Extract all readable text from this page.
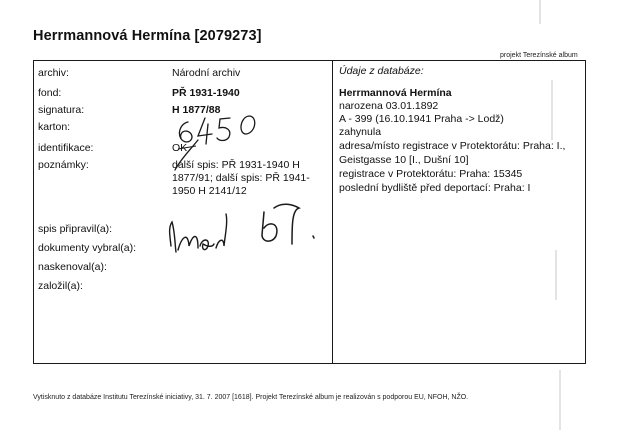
Herrmannová Hermína [2079273]
projekt Terezínské album
archiv:
fond:
signatura:
karton:
identifikace:
poznámky:
spis připravil(a):
dokumenty vybral(a):
naskenoval(a):
založil(a):
Národní archiv
PŘ 1931-1940
H 1877/88
OK
další spis: PŘ 1931-1940 H 1877/91; další spis: PŘ 1941-1950 H 2141/12
Údaje z databáze:
Herrmannová Hermína
narozena 03.01.1892
A - 399 (16.10.1941 Praha -> Lodž)
zahynula
adresa/místo registrace v Protektorátu: Praha: I.,
Geistgasse 10 [I., Dušní 10]
registrace v Protektorátu: Praha: 15345
poslední bydliště před deportací: Praha: I
Vytisknuto z databáze Institutu Terezínské iniciativy, 31. 7. 2007 [1618]. Projekt Terezínské album je realizován s podporou EU, NFOH, NŽO.
